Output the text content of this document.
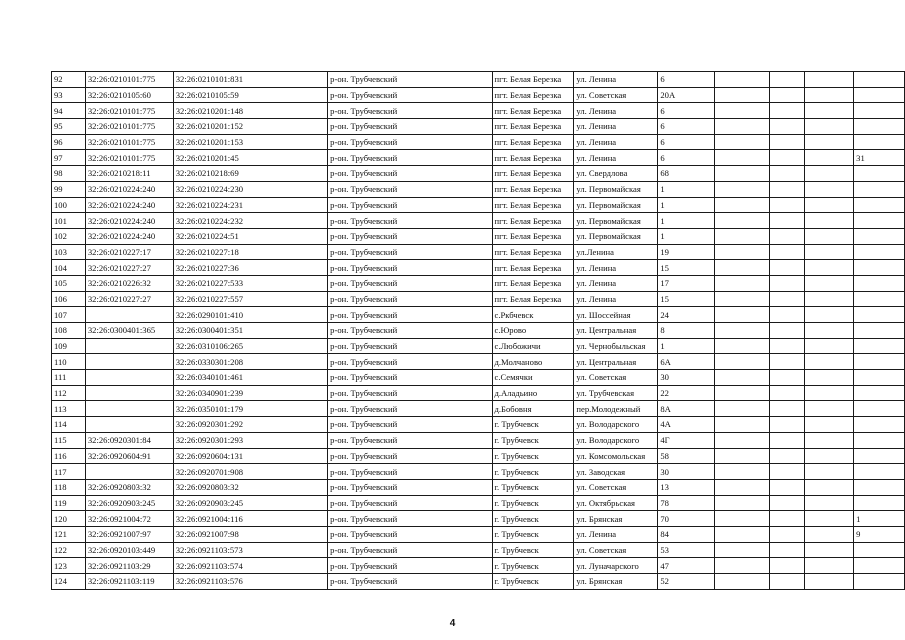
92	32:26:0210101:775	32:26:0210101:831	р-он. Трубчевский	пгт. Белая Березка	ул. Ленина	6				
93	32:26:0210105:60	32:26:0210105:59	р-он. Трубчевский	пгт. Белая Березка	ул. Советская	20А				
94	32:26:0210101:775	32:26:0210201:148	р-он. Трубчевский	пгт. Белая Березка	ул. Ленина	6				
95	32:26:0210101:775	32:26:0210201:152	р-он. Трубчевский	пгт. Белая Березка	ул. Ленина	6				
96	32:26:0210101:775	32:26:0210201:153	р-он. Трубчевский	пгт. Белая Березка	ул. Ленина	6				
97	32:26:0210101:775	32:26:0210201:45	р-он. Трубчевский	пгт. Белая Березка	ул. Ленина	6				31
98	32:26:0210218:11	32:26:0210218:69	р-он. Трубчевский	пгт. Белая Березка	ул. Свердлова	68				
99	32:26:0210224:240	32:26:0210224:230	р-он. Трубчевский	пгт. Белая Березка	ул. Первомайская	1				
100	32:26:0210224:240	32:26:0210224:231	р-он. Трубчевский	пгт. Белая Березка	ул. Первомайская	1				
101	32:26:0210224:240	32:26:0210224:232	р-он. Трубчевский	пгт. Белая Березка	ул. Первомайская	1				
102	32:26:0210224:240	32:26:0210224:51	р-он. Трубчевский	пгт. Белая Березка	ул. Первомайская	1				
103	32:26:0210227:17	32:26:0210227:18	р-он. Трубчевский	пгт. Белая Березка	ул.Ленина	19				
104	32:26:0210227:27	32:26:0210227:36	р-он. Трубчевский	пгт. Белая Березка	ул. Ленина	15				
105	32:26:0210226:32	32:26:0210227:533	р-он. Трубчевский	пгт. Белая Березка	ул. Ленина	17				
106	32:26:0210227:27	32:26:0210227:557	р-он. Трубчевский	пгт. Белая Березка	ул. Ленина	15				
107		32:26:0290101:410	р-он. Трубчевский	с.Ркбчевск	ул. Шоссейная	24				
108	32:26:0300401:365	32:26:0300401:351	р-он. Трубчевский	с.Юрово	ул. Центральная	8				
109		32:26:0310106:265	р-он. Трубчевский	с.Любожичи	ул. Чернобыльская	1				
110		32:26:0330301:208	р-он. Трубчевский	д.Молчаново	ул. Центральная	6А				
111		32:26:0340101:461	р-он. Трубчевский	с.Семячки	ул. Советская	30				
112		32:26:0340901:239	р-он. Трубчевский	д.Аладьино	ул. Трубчевская	22				
113		32:26:0350101:179	р-он. Трубчевский	д.Бобовня	пер.Молодежный	8А				
114		32:26:0920301:292	р-он. Трубчевский	г. Трубчевск	ул. Володарского	4А				
115	32:26:0920301:84	32:26:0920301:293	р-он. Трубчевский	г. Трубчевск	ул. Володарского	4Г				
116	32:26:0920604:91	32:26:0920604:131	р-он. Трубчевский	г. Трубчевск	ул. Комсомольская	58				
117		32:26:0920701:908	р-он. Трубчевский	г. Трубчевск	ул. Заводская	30				
118	32:26:0920803:32	32:26:0920803:32	р-он. Трубчевский	г. Трубчевск	ул. Советская	13				
119	32:26:0920903:245	32:26:0920903:245	р-он. Трубчевский	г. Трубчевск	ул. Октябрьская	78				
120	32:26:0921004:72	32:26:0921004:116	р-он. Трубчевский	г. Трубчевск	ул. Брянская	70				1
121	32:26:0921007:97	32:26:0921007:98	р-он. Трубчевский	г. Трубчевск	ул. Ленина	84				9
122	32:26:0920103:449	32:26:0921103:573	р-он. Трубчевский	г. Трубчевск	ул. Советская	53				
123	32:26:0921103:29	32:26:0921103:574	р-он. Трубчевский	г. Трубчевск	ул. Луначарского	47				
124	32:26:0921103:119	32:26:0921103:576	р-он. Трубчевский	г. Трубчевск	ул. Брянская	52				
4
